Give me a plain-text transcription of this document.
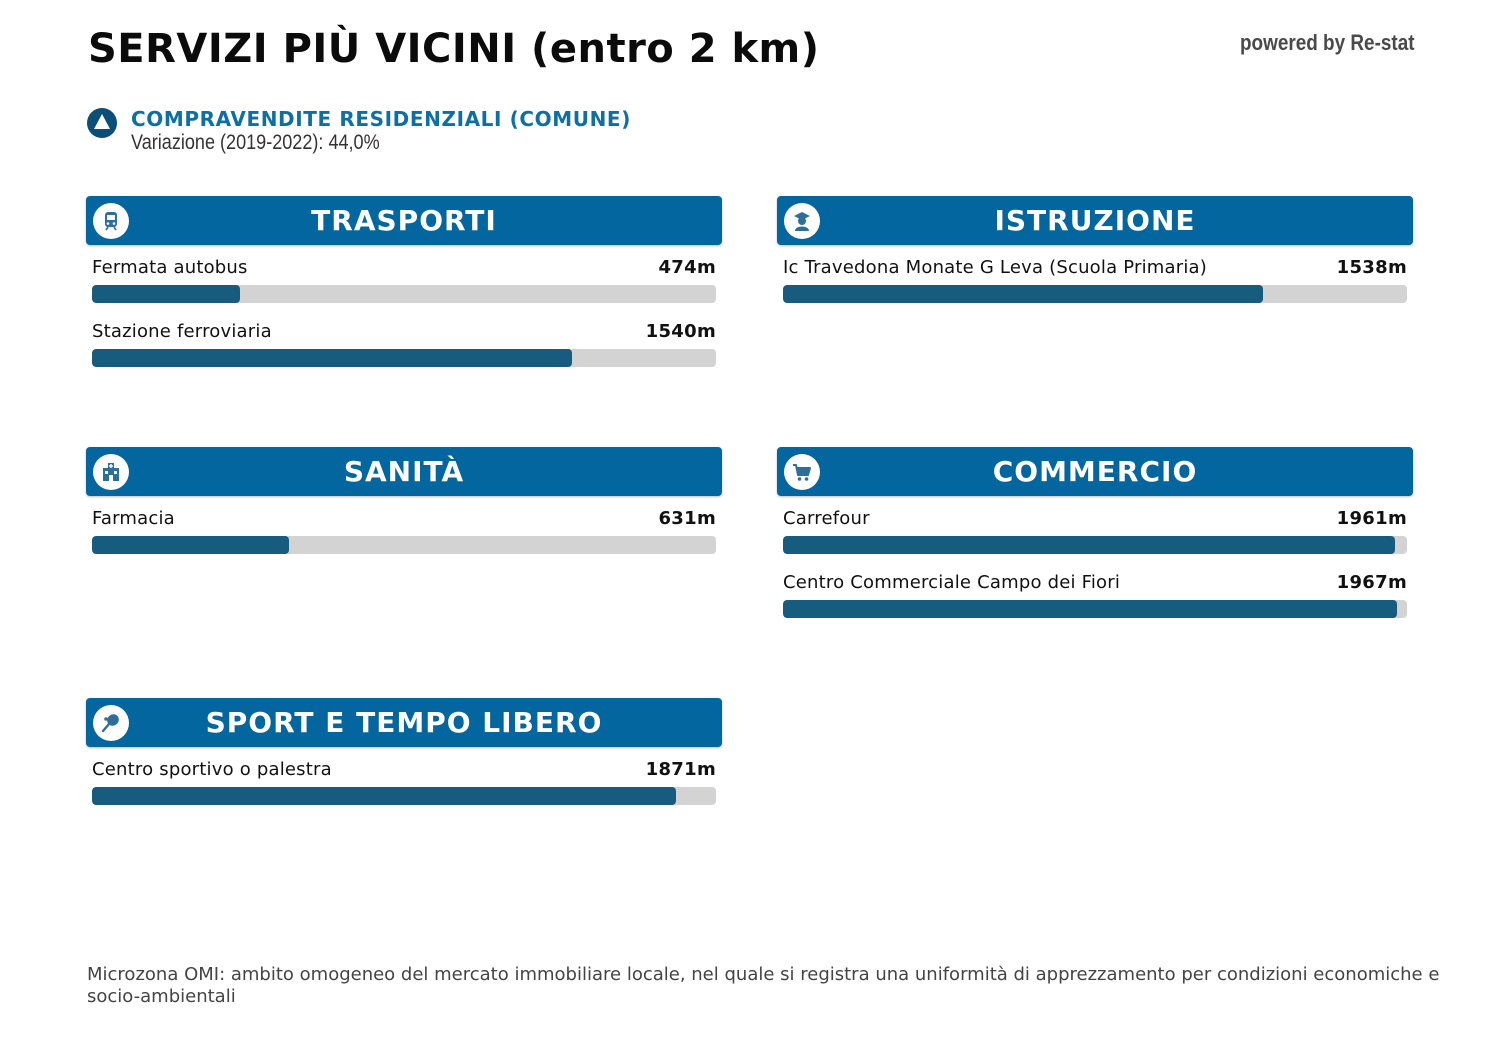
SERVIZI PIÙ VICINI (entro 2 km)	powered by Re-stat
COMPRAVENDITE RESIDENZIALI (COMUNE)
Variazione (2019-2022): 44,0%
TRASPORTI
Fermata autobus	474m
Stazione ferroviaria	1540m
ISTRUZIONE
Ic Travedona Monate G Leva (Scuola Primaria)	1538m
SANITÀ
Farmacia	631m
COMMERCIO
Carrefour	1961m
Centro Commerciale Campo dei Fiori	1967m
SPORT E TEMPO LIBERO
Centro sportivo o palestra	1871m
Microzona OMI: ambito omogeneo del mercato immobiliare locale, nel quale si registra una uniformità di apprezzamento per condizioni economiche e socio-ambientali
